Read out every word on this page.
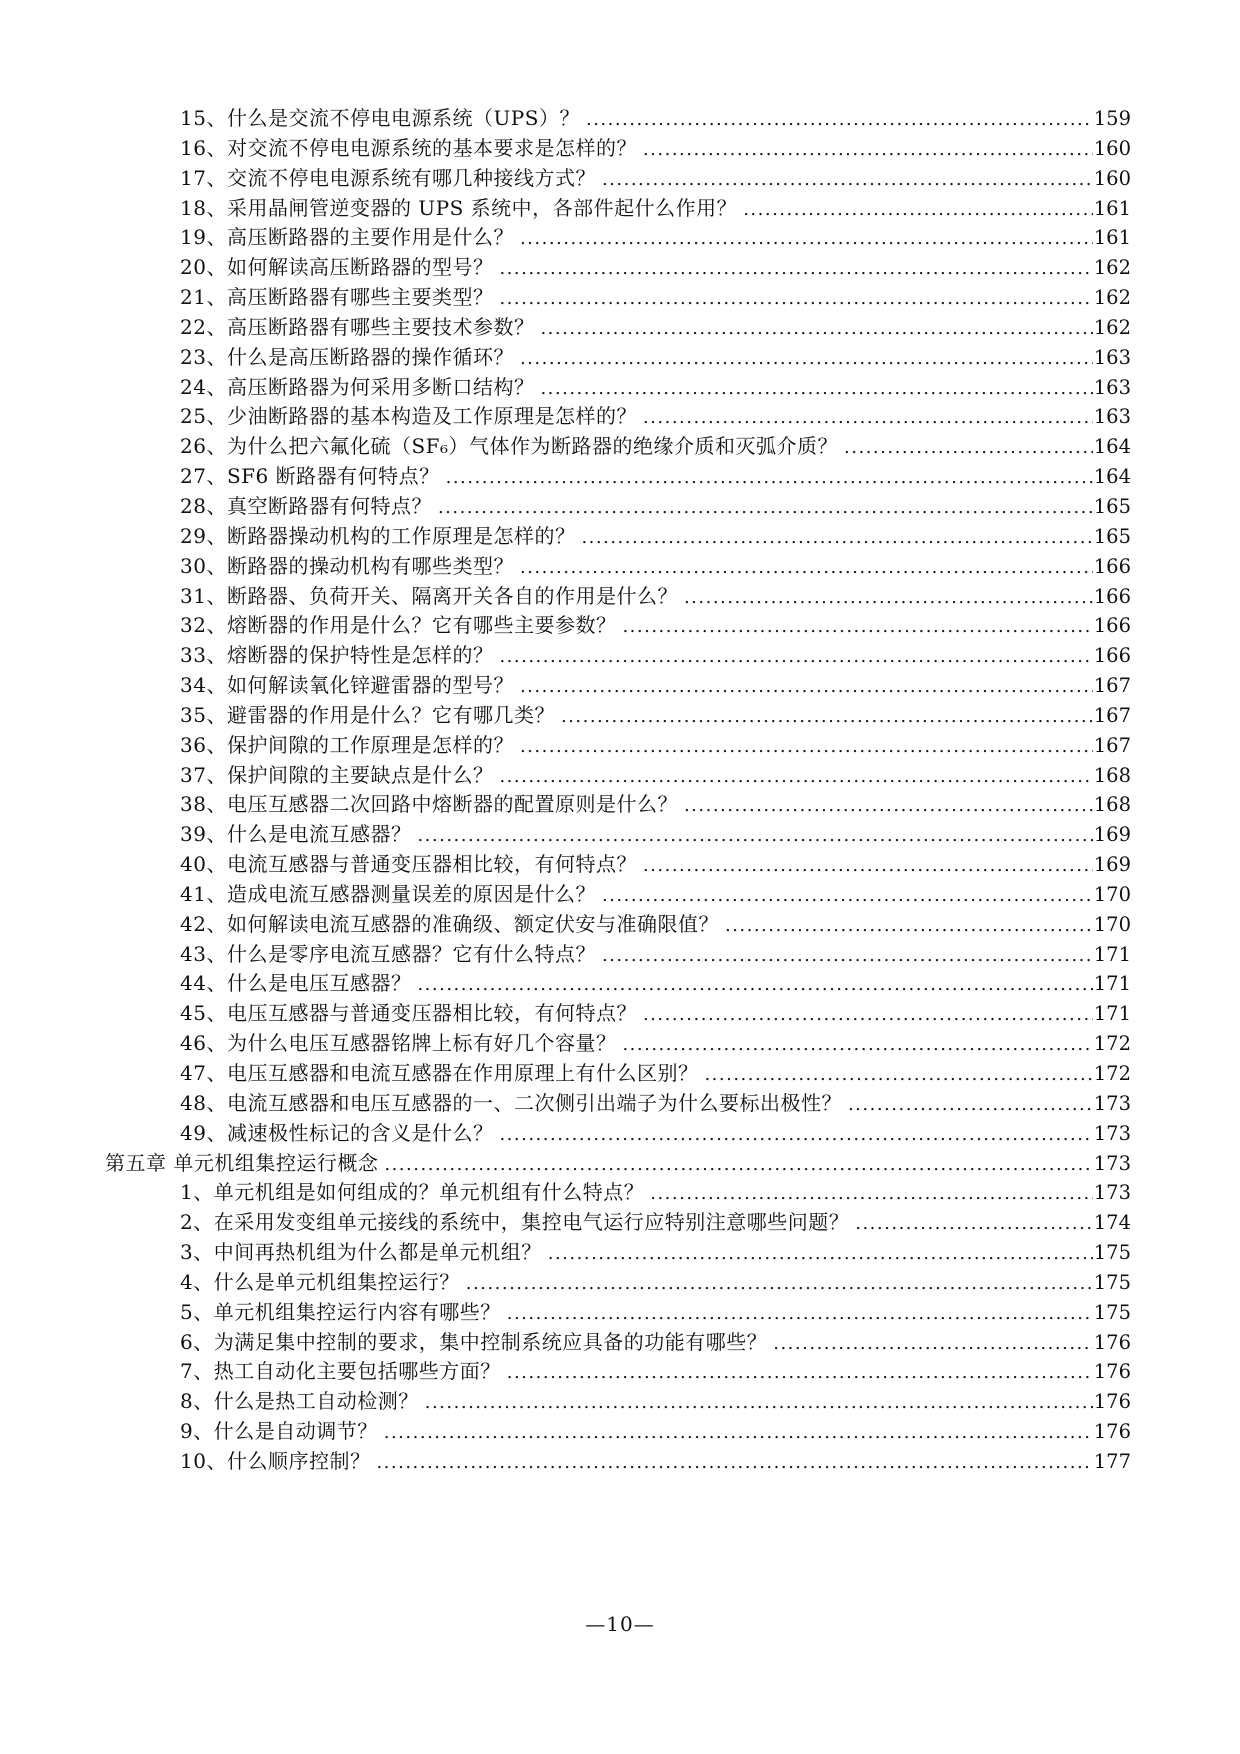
15、什么是交流不停电电源系统（UPS）？ .....	159
16、对交流不停电电源系统的基本要求是怎样的？ .....	160
17、交流不停电电源系统有哪几种接线方式？ .....	160
18、采用晶闸管逆变器的 UPS 系统中，各部件起什么作用？ .....	161
19、高压断路器的主要作用是什么？ .....	161
20、如何解读高压断路器的型号？ .....	162
21、高压断路器有哪些主要类型？ .....	162
22、高压断路器有哪些主要技术参数？ .....	162
23、什么是高压断路器的操作循环？ .....	163
24、高压断路器为何采用多断口结构？ .....	163
25、少油断路器的基本构造及工作原理是怎样的？ .....	163
26、为什么把六氟化硫（SF₆）气体作为断路器的绝缘介质和灭弧介质？ .....	164
27、SF6 断路器有何特点？ .....	164
28、真空断路器有何特点？ .....	165
29、断路器操动机构的工作原理是怎样的？ .....	165
30、断路器的操动机构有哪些类型？ .....	166
31、断路器、负荷开关、隔离开关各自的作用是什么？ .....	166
32、熔断器的作用是什么？它有哪些主要参数？ .....	166
33、熔断器的保护特性是怎样的？ .....	166
34、如何解读氧化锌避雷器的型号？ .....	167
35、避雷器的作用是什么？它有哪几类？ .....	167
36、保护间隙的工作原理是怎样的？ .....	167
37、保护间隙的主要缺点是什么？ .....	168
38、电压互感器二次回路中熔断器的配置原则是什么？ .....	168
39、什么是电流互感器？ .....	169
40、电流互感器与普通变压器相比较，有何特点？ .....	169
41、造成电流互感器测量误差的原因是什么？ .....	170
42、如何解读电流互感器的准确级、额定伏安与准确限值？ .....	170
43、什么是零序电流互感器？它有什么特点？ .....	171
44、什么是电压互感器？ .....	171
45、电压互感器与普通变压器相比较，有何特点？ .....	171
46、为什么电压互感器铭牌上标有好几个容量？ .....	172
47、电压互感器和电流互感器在作用原理上有什么区别？ .....	172
48、电流互感器和电压互感器的一、二次侧引出端子为什么要标出极性？ .....	173
49、减速极性标记的含义是什么？ .....	173
第五章 单元机组集控运行概念 .....	173
1、单元机组是如何组成的？单元机组有什么特点？ .....	173
2、在采用发变组单元接线的系统中，集控电气运行应特别注意哪些问题？ .....	174
3、中间再热机组为什么都是单元机组？ .....	175
4、什么是单元机组集控运行？ .....	175
5、单元机组集控运行内容有哪些？ .....	175
6、为满足集中控制的要求，集中控制系统应具备的功能有哪些？ .....	176
7、热工自动化主要包括哪些方面？ .....	176
8、什么是热工自动检测？ .....	176
9、什么是自动调节？ .....	176
10、什么顺序控制？ .....	177
—10—
